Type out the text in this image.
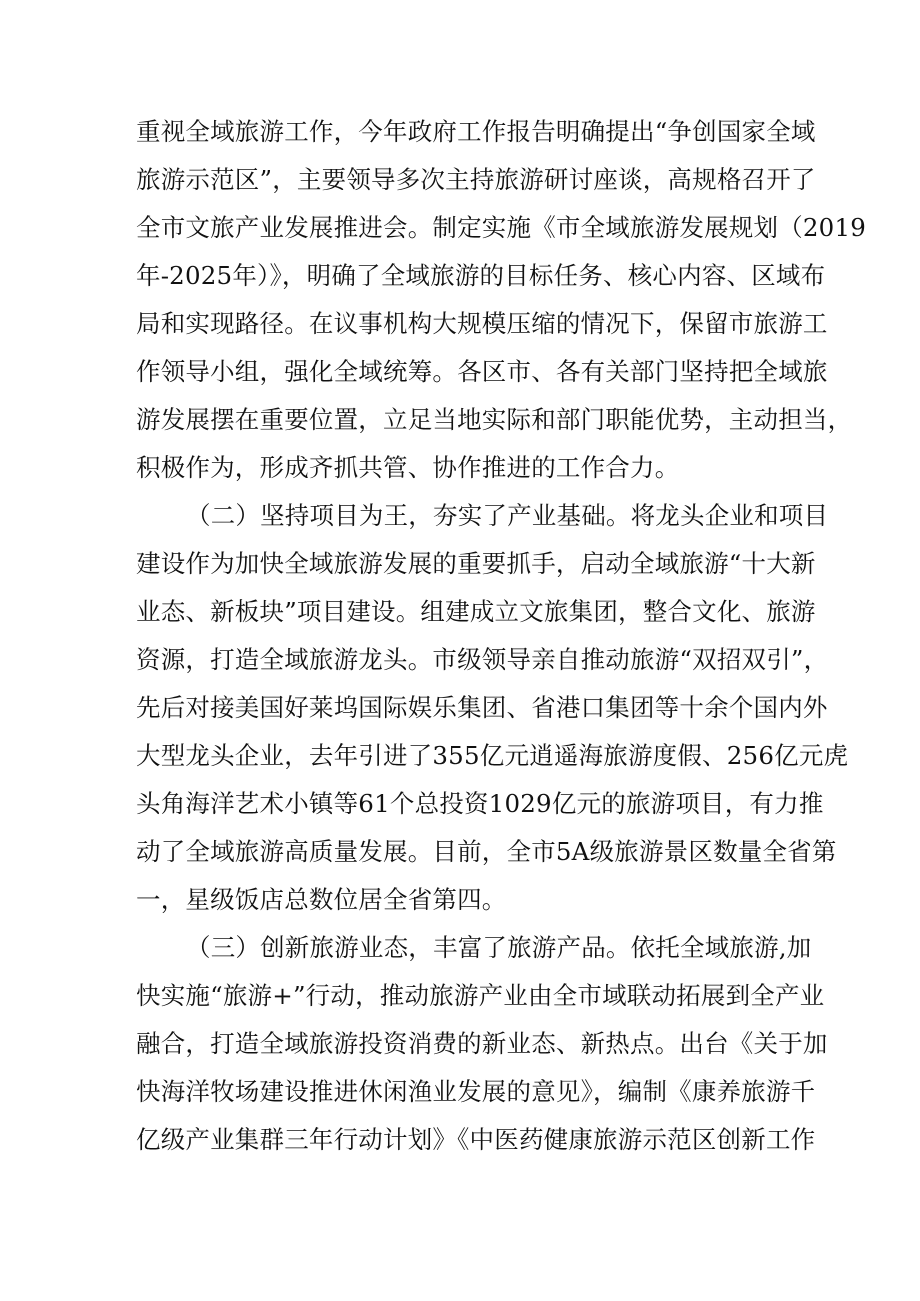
重视全域旅游工作，今年政府工作报告明确提出“争创国家全域
旅游示范区”，主要领导多次主持旅游研讨座谈，高规格召开了
全市文旅产业发展推进会。制定实施《市全域旅游发展规划（2019
年-2025年）》，明确了全域旅游的目标任务、核心内容、区域布
局和实现路径。在议事机构大规模压缩的情况下，保留市旅游工
作领导小组，强化全域统筹。各区市、各有关部门坚持把全域旅
游发展摆在重要位置，立足当地实际和部门职能优势，主动担当，
积极作为，形成齐抓共管、协作推进的工作合力。
（二）坚持项目为王，夯实了产业基础。将龙头企业和项目
建设作为加快全域旅游发展的重要抓手，启动全域旅游“十大新
业态、新板块”项目建设。组建成立文旅集团，整合文化、旅游
资源，打造全域旅游龙头。市级领导亲自推动旅游“双招双引”，
先后对接美国好莱坞国际娱乐集团、省港口集团等十余个国内外
大型龙头企业，去年引进了355亿元逍遥海旅游度假、256亿元虎
头角海洋艺术小镇等61个总投资1029亿元的旅游项目，有力推
动了全域旅游高质量发展。目前，全市5A级旅游景区数量全省第
一，星级饭店总数位居全省第四。
（三）创新旅游业态，丰富了旅游产品。依托全域旅游,加
快实施“旅游+”行动，推动旅游产业由全市域联动拓展到全产业
融合，打造全域旅游投资消费的新业态、新热点。出台《关于加
快海洋牧场建设推进休闲渔业发展的意见》，编制《康养旅游千
亿级产业集群三年行动计划》《中医药健康旅游示范区创新工作
